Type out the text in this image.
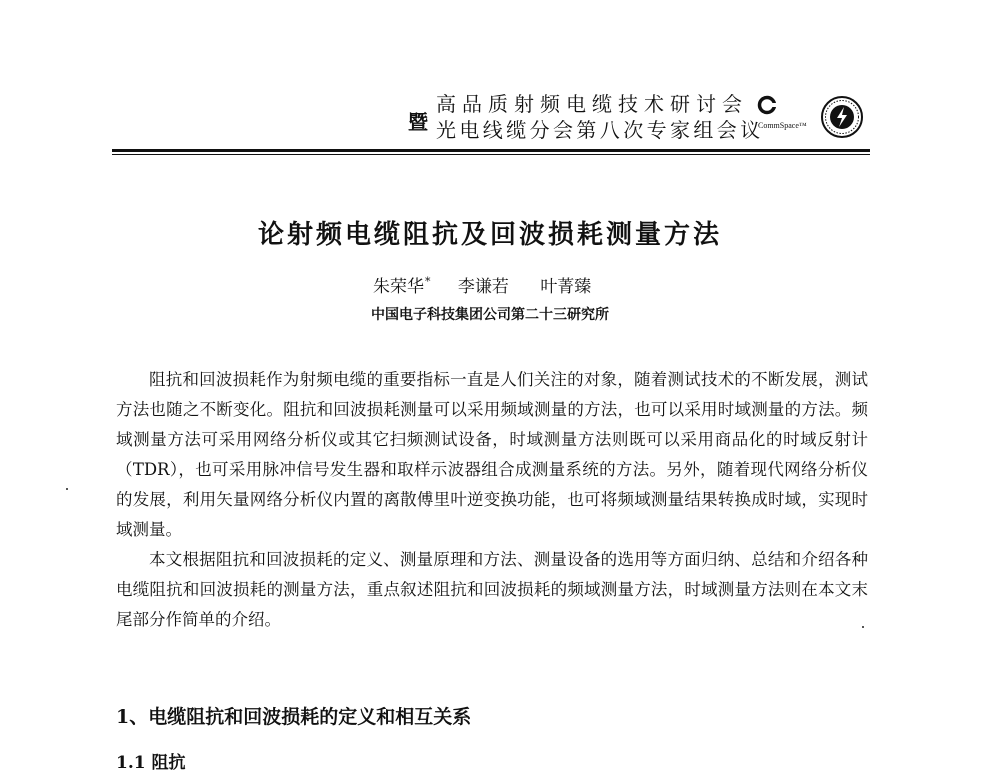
暨
高品质射频电缆技术研讨会
光电线缆分会第八次专家组会议
CommSpace™
论射频电缆阻抗及回波损耗测量方法
朱荣华* 李谦若 叶菁臻
中国电子科技集团公司第二十三研究所

阻抗和回波损耗作为射频电缆的重要指标一直是人们关注的对象，随着测试技术的不断发展，测试方法也随之不断变化。阻抗和回波损耗测量可以采用频域测量的方法，也可以采用时域测量的方法。频域测量方法可采用网络分析仪或其它扫频测试设备，时域测量方法则既可以采用商品化的时域反射计（TDR），也可采用脉冲信号发生器和取样示波器组合成测量系统的方法。另外，随着现代网络分析仪的发展，利用矢量网络分析仪内置的离散傅里叶逆变换功能，也可将频域测量结果转换成时域，实现时域测量。

本文根据阻抗和回波损耗的定义、测量原理和方法、测量设备的选用等方面归纳、总结和介绍各种电缆阻抗和回波损耗的测量方法，重点叙述阻抗和回波损耗的频域测量方法，时域测量方法则在本文末尾部分作简单的介绍。

1、电缆阻抗和回波损耗的定义和相互关系
1.1 阻抗
